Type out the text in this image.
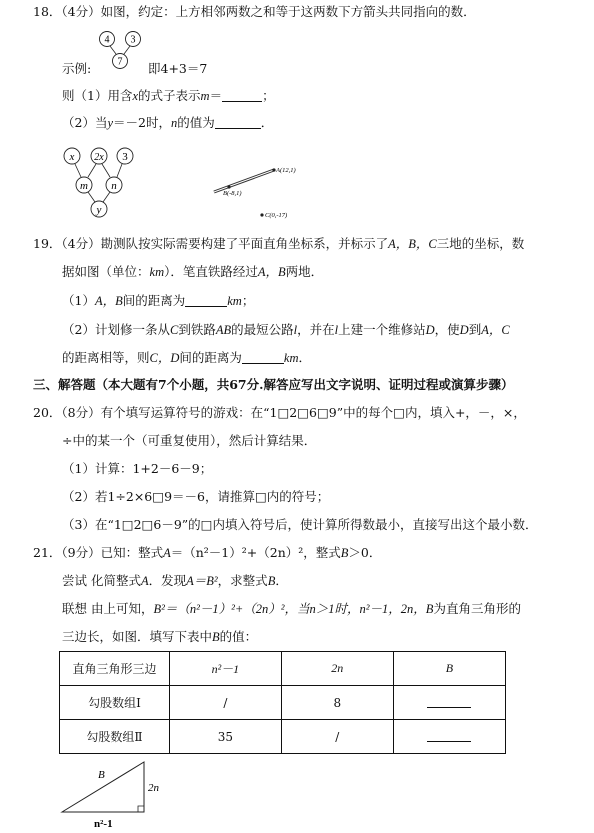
18．（4分）如图，约定：上方相邻两数之和等于这两数下方箭头共同指向的数．
示例:
4 3
7 即4+3＝7
则（1）用含x的式子表示m＝	；
（2）当y＝－2时，n的值为	．
x 2x 3
m n
y
A(12,1)
B(-8,1)
C(0,-17)
19．（4分）勘测队按实际需要构建了平面直角坐标系，并标示了A，B，C三地的坐标，数
据如图（单位：km）．笔直铁路经过A，B两地．
（1）A，B间的距离为	km；
（2）计划修一条从C到铁路AB的最短公路l，并在l上建一个维修站D，使D到A，C
的距离相等，则C，D间的距离为	km．
三、解答题（本大题有7个小题，共67分.解答应写出文字说明、证明过程或演算步骤）
20．（8分）有个填写运算符号的游戏：在“1□2□6□9”中的每个□内，填入+，－，×，
÷中的某一个（可重复使用），然后计算结果．
（1）计算：1+2－6－9；
（2）若1÷2×6□9＝－6，请推算□内的符号；
（3）在“1□2□6－9”的□内填入符号后，使计算所得数最小，直接写出这个最小数．
21．（9分）已知：整式A＝（n²－1）²+（2n）²，整式B＞0．
尝试 化简整式A．发现A＝B²，求整式B．
联想 由上可知，B²＝（n²－1）²+（2n）²，当n＞1时，n²－1，2n，B为直角三角形的
三边长，如图．填写下表中B的值：
直角三角形三边	n²－1	2n	B
勾股数组Ⅰ	/	8	
勾股数组Ⅱ	35	/	
B
2n
n²-1
